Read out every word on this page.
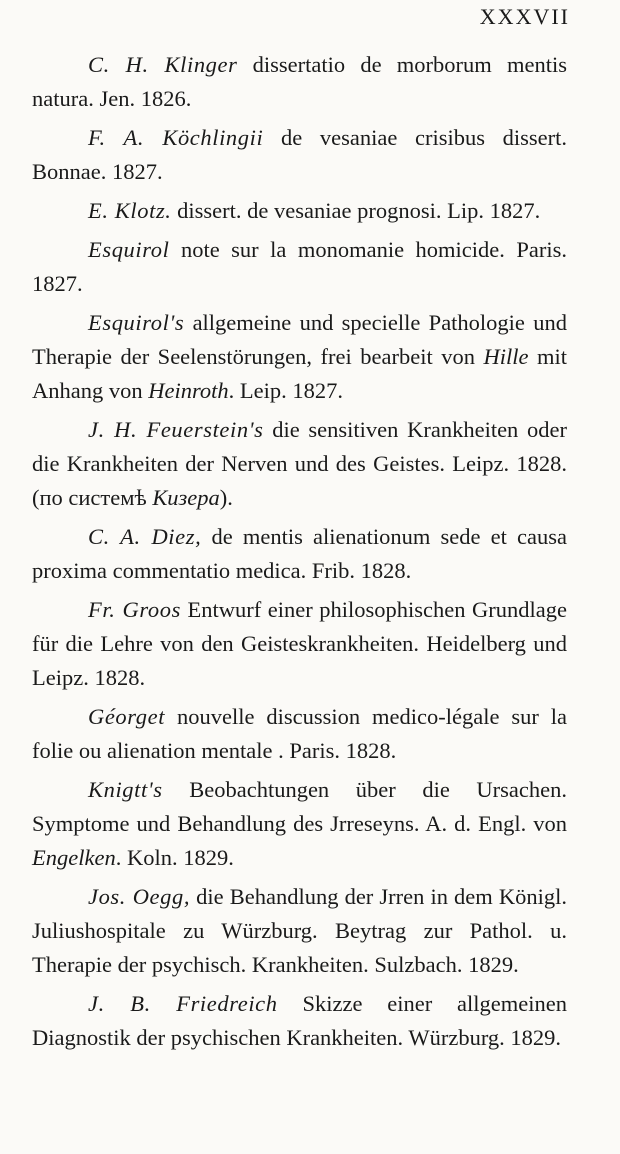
XXXVII

C. H. Klinger dissertatio de morborum mentis natura. Jen. 1826.

F. A. Köchlingii de vesaniae crisibus dissert. Bonnae. 1827.

E. Klotz. dissert. de vesaniae prognosi. Lip. 1827.

Esquirol note sur la monomanie homicide. Paris. 1827.

Esquirol's allgemeine und specielle Pathologie und Therapie der Seelenstörungen, frei bearbeit von Hille mit Anhang von Heinroth. Leip. 1827.

J. H. Feuerstein's die sensitiven Krankheiten oder die Krankheiten der Nerven und des Geistes. Leipz. 1828. (по системѣ Кизера).

C. A. Diez, de mentis alienationum sede et causa proxima commentatio medica. Frib. 1828.

Fr. Groos Entwurf einer philosophischen Grundlage für die Lehre von den Geisteskrankheiten. Heidelberg und Leipz. 1828.

Géorget nouvelle discussion medico-légale sur la folie ou alienation mentale . Paris. 1828.

Knigtt's Beobachtungen über die Ursachen. Symptome und Behandlung des Jrreseyns. A. d. Engl. von Engelken. Koln. 1829.

Jos. Oegg, die Behandlung der Jrren in dem Königl. Juliushospitale zu Würzburg. Beytrag zur Pathol. u. Therapie der psychisch. Krankheiten. Sulzbach. 1829.

J. B. Friedreich Skizze einer allgemeinen Diagnostik der psychischen Krankheiten. Würzburg. 1829.
